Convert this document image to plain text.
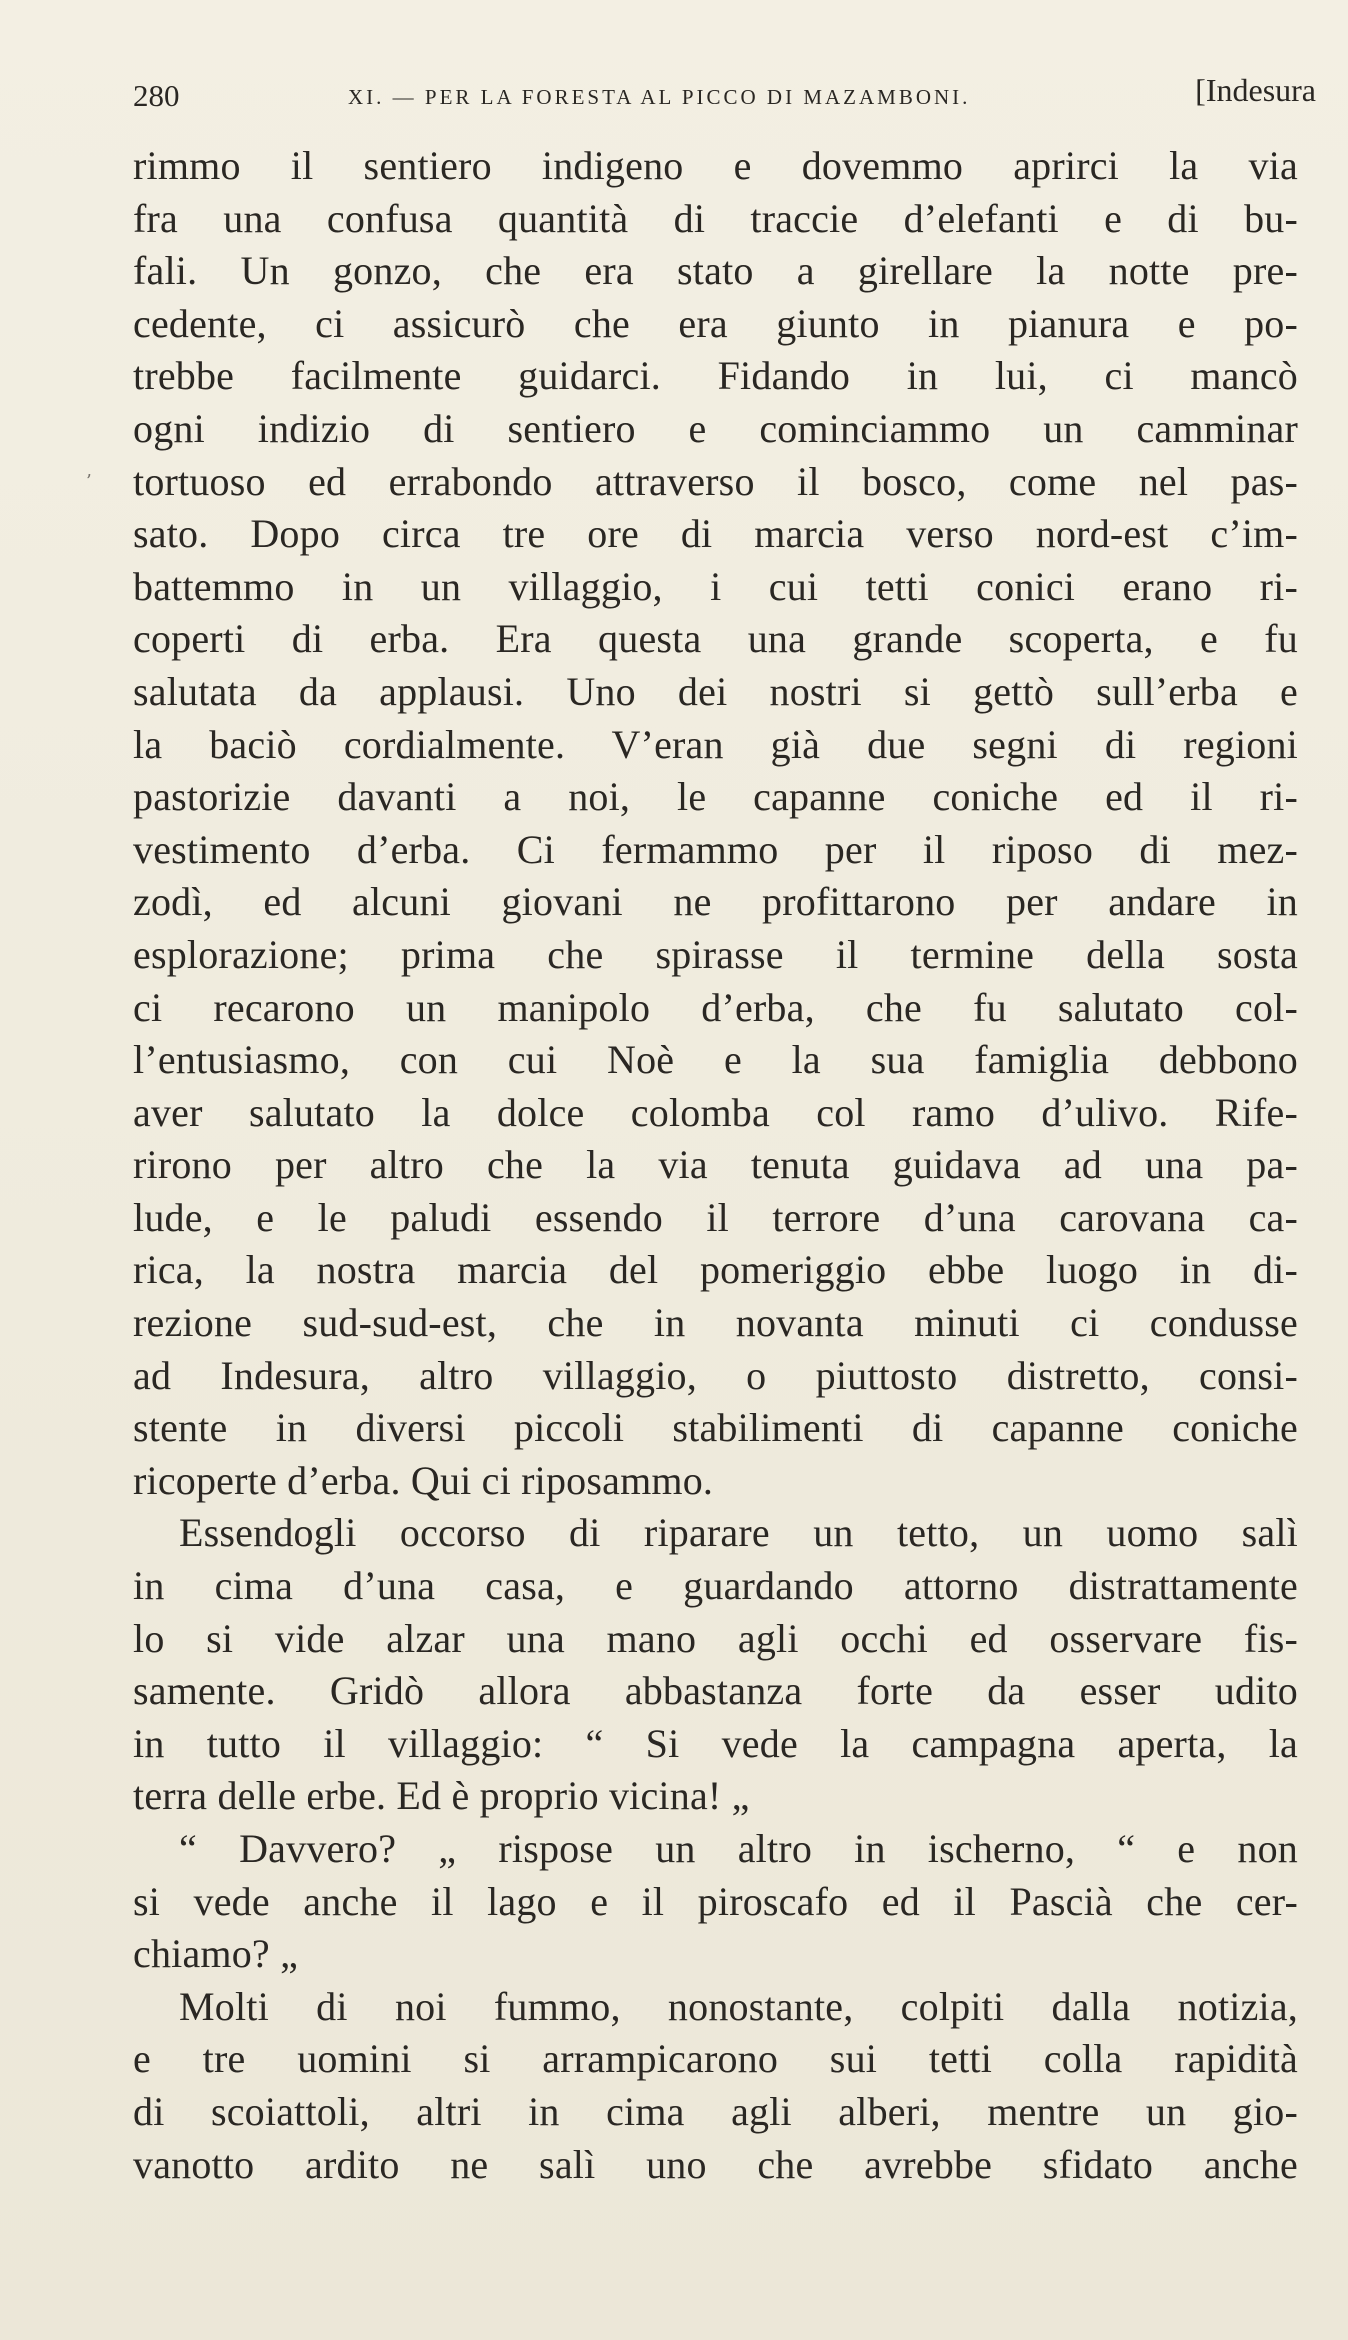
280	XI. — PER LA FORESTA AL PICCO DI MAZAMBONI.	[Indesura
’
rimmo il sentiero indigeno e dovemmo aprirci la via
fra una confusa quantità di traccie d’elefanti e di bu-
fali. Un gonzo, che era stato a girellare la notte pre-
cedente, ci assicurò che era giunto in pianura e po-
trebbe facilmente guidarci. Fidando in lui, ci mancò
ogni indizio di sentiero e cominciammo un camminar
tortuoso ed errabondo attraverso il bosco, come nel pas-
sato. Dopo circa tre ore di marcia verso nord-est c’im-
battemmo in un villaggio, i cui tetti conici erano ri-
coperti di erba. Era questa una grande scoperta, e fu
salutata da applausi. Uno dei nostri si gettò sull’erba e
la baciò cordialmente. V’eran già due segni di regioni
pastorizie davanti a noi, le capanne coniche ed il ri-
vestimento d’erba. Ci fermammo per il riposo di mez-
zodì, ed alcuni giovani ne profittarono per andare in
esplorazione; prima che spirasse il termine della sosta
ci recarono un manipolo d’erba, che fu salutato col-
l’entusiasmo, con cui Noè e la sua famiglia debbono
aver salutato la dolce colomba col ramo d’ulivo. Rife-
rirono per altro che la via tenuta guidava ad una pa-
lude, e le paludi essendo il terrore d’una carovana ca-
rica, la nostra marcia del pomeriggio ebbe luogo in di-
rezione sud-sud-est, che in novanta minuti ci condusse
ad Indesura, altro villaggio, o piuttosto distretto, consi-
stente in diversi piccoli stabilimenti di capanne coniche
ricoperte d’erba. Qui ci riposammo.
Essendogli occorso di riparare un tetto, un uomo salì
in cima d’una casa, e guardando attorno distrattamente
lo si vide alzar una mano agli occhi ed osservare fis-
samente. Gridò allora abbastanza forte da esser udito
in tutto il villaggio: “ Si vede la campagna aperta, la
terra delle erbe. Ed è proprio vicina! „
“ Davvero? „ rispose un altro in ischerno, “ e non
si vede anche il lago e il piroscafo ed il Pascià che cer-
chiamo? „
Molti di noi fummo, nonostante, colpiti dalla notizia,
e tre uomini si arrampicarono sui tetti colla rapidità
di scoiattoli, altri in cima agli alberi, mentre un gio-
vanotto ardito ne salì uno che avrebbe sfidato anche
